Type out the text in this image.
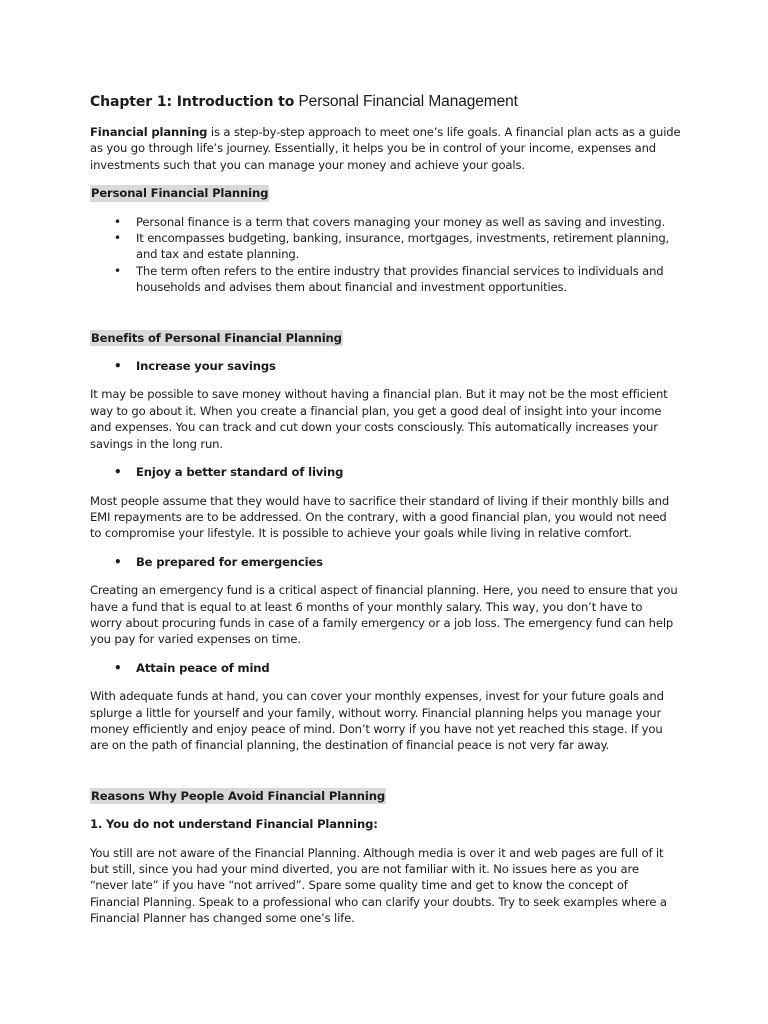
Chapter 1: Introduction to Personal Financial Management

Financial planning is a step-by-step approach to meet one’s life goals. A financial plan acts as a guide
as you go through life’s journey. Essentially, it helps you be in control of your income, expenses and
investments such that you can manage your money and achieve your goals.

Personal Financial Planning

• Personal finance is a term that covers managing your money as well as saving and investing.
• It encompasses budgeting, banking, insurance, mortgages, investments, retirement planning,
and tax and estate planning.
• The term often refers to the entire industry that provides financial services to individuals and
households and advises them about financial and investment opportunities.

Benefits of Personal Financial Planning

• Increase your savings

It may be possible to save money without having a financial plan. But it may not be the most efficient
way to go about it. When you create a financial plan, you get a good deal of insight into your income
and expenses. You can track and cut down your costs consciously. This automatically increases your
savings in the long run.

• Enjoy a better standard of living

Most people assume that they would have to sacrifice their standard of living if their monthly bills and
EMI repayments are to be addressed. On the contrary, with a good financial plan, you would not need
to compromise your lifestyle. It is possible to achieve your goals while living in relative comfort.

• Be prepared for emergencies

Creating an emergency fund is a critical aspect of financial planning. Here, you need to ensure that you
have a fund that is equal to at least 6 months of your monthly salary. This way, you don’t have to
worry about procuring funds in case of a family emergency or a job loss. The emergency fund can help
you pay for varied expenses on time.

• Attain peace of mind

With adequate funds at hand, you can cover your monthly expenses, invest for your future goals and
splurge a little for yourself and your family, without worry. Financial planning helps you manage your
money efficiently and enjoy peace of mind. Don’t worry if you have not yet reached this stage. If you
are on the path of financial planning, the destination of financial peace is not very far away.

Reasons Why People Avoid Financial Planning

1. You do not understand Financial Planning:

You still are not aware of the Financial Planning. Although media is over it and web pages are full of it
but still, since you had your mind diverted, you are not familiar with it. No issues here as you are
“never late” if you have “not arrived”. Spare some quality time and get to know the concept of
Financial Planning. Speak to a professional who can clarify your doubts. Try to seek examples where a
Financial Planner has changed some one’s life.
